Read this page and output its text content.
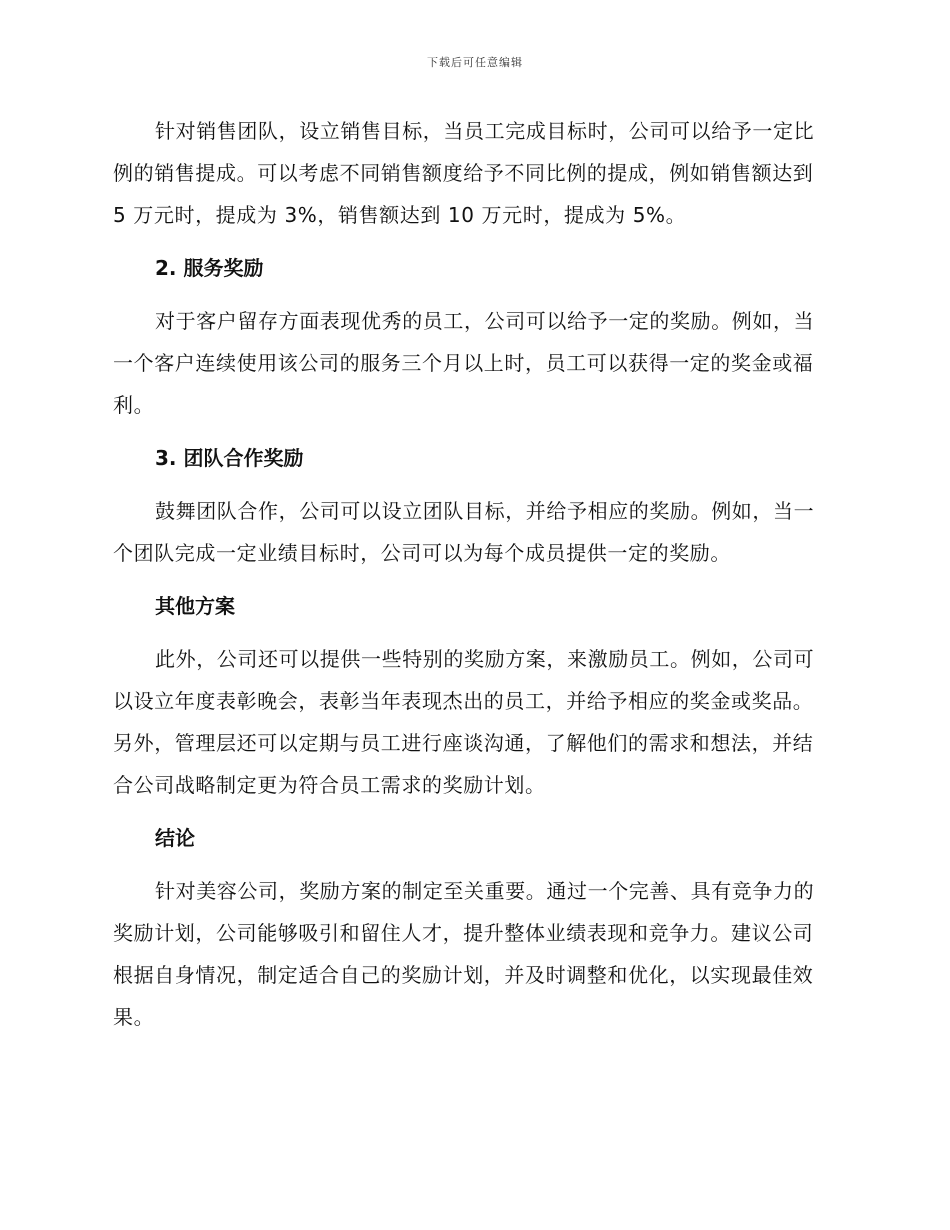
下载后可任意编辑

针对销售团队，设立销售目标，当员工完成目标时，公司可以给予一定比例的销售提成。可以考虑不同销售额度给予不同比例的提成，例如销售额达到 5 万元时，提成为 3%，销售额达到 10 万元时，提成为 5%。

2. 服务奖励

对于客户留存方面表现优秀的员工，公司可以给予一定的奖励。例如，当一个客户连续使用该公司的服务三个月以上时，员工可以获得一定的奖金或福利。

3. 团队合作奖励

鼓舞团队合作，公司可以设立团队目标，并给予相应的奖励。例如，当一个团队完成一定业绩目标时，公司可以为每个成员提供一定的奖励。

其他方案

此外，公司还可以提供一些特别的奖励方案，来激励员工。例如，公司可以设立年度表彰晚会，表彰当年表现杰出的员工，并给予相应的奖金或奖品。另外，管理层还可以定期与员工进行座谈沟通，了解他们的需求和想法，并结合公司战略制定更为符合员工需求的奖励计划。

结论

针对美容公司，奖励方案的制定至关重要。通过一个完善、具有竞争力的奖励计划，公司能够吸引和留住人才，提升整体业绩表现和竞争力。建议公司根据自身情况，制定适合自己的奖励计划，并及时调整和优化，以实现最佳效果。
